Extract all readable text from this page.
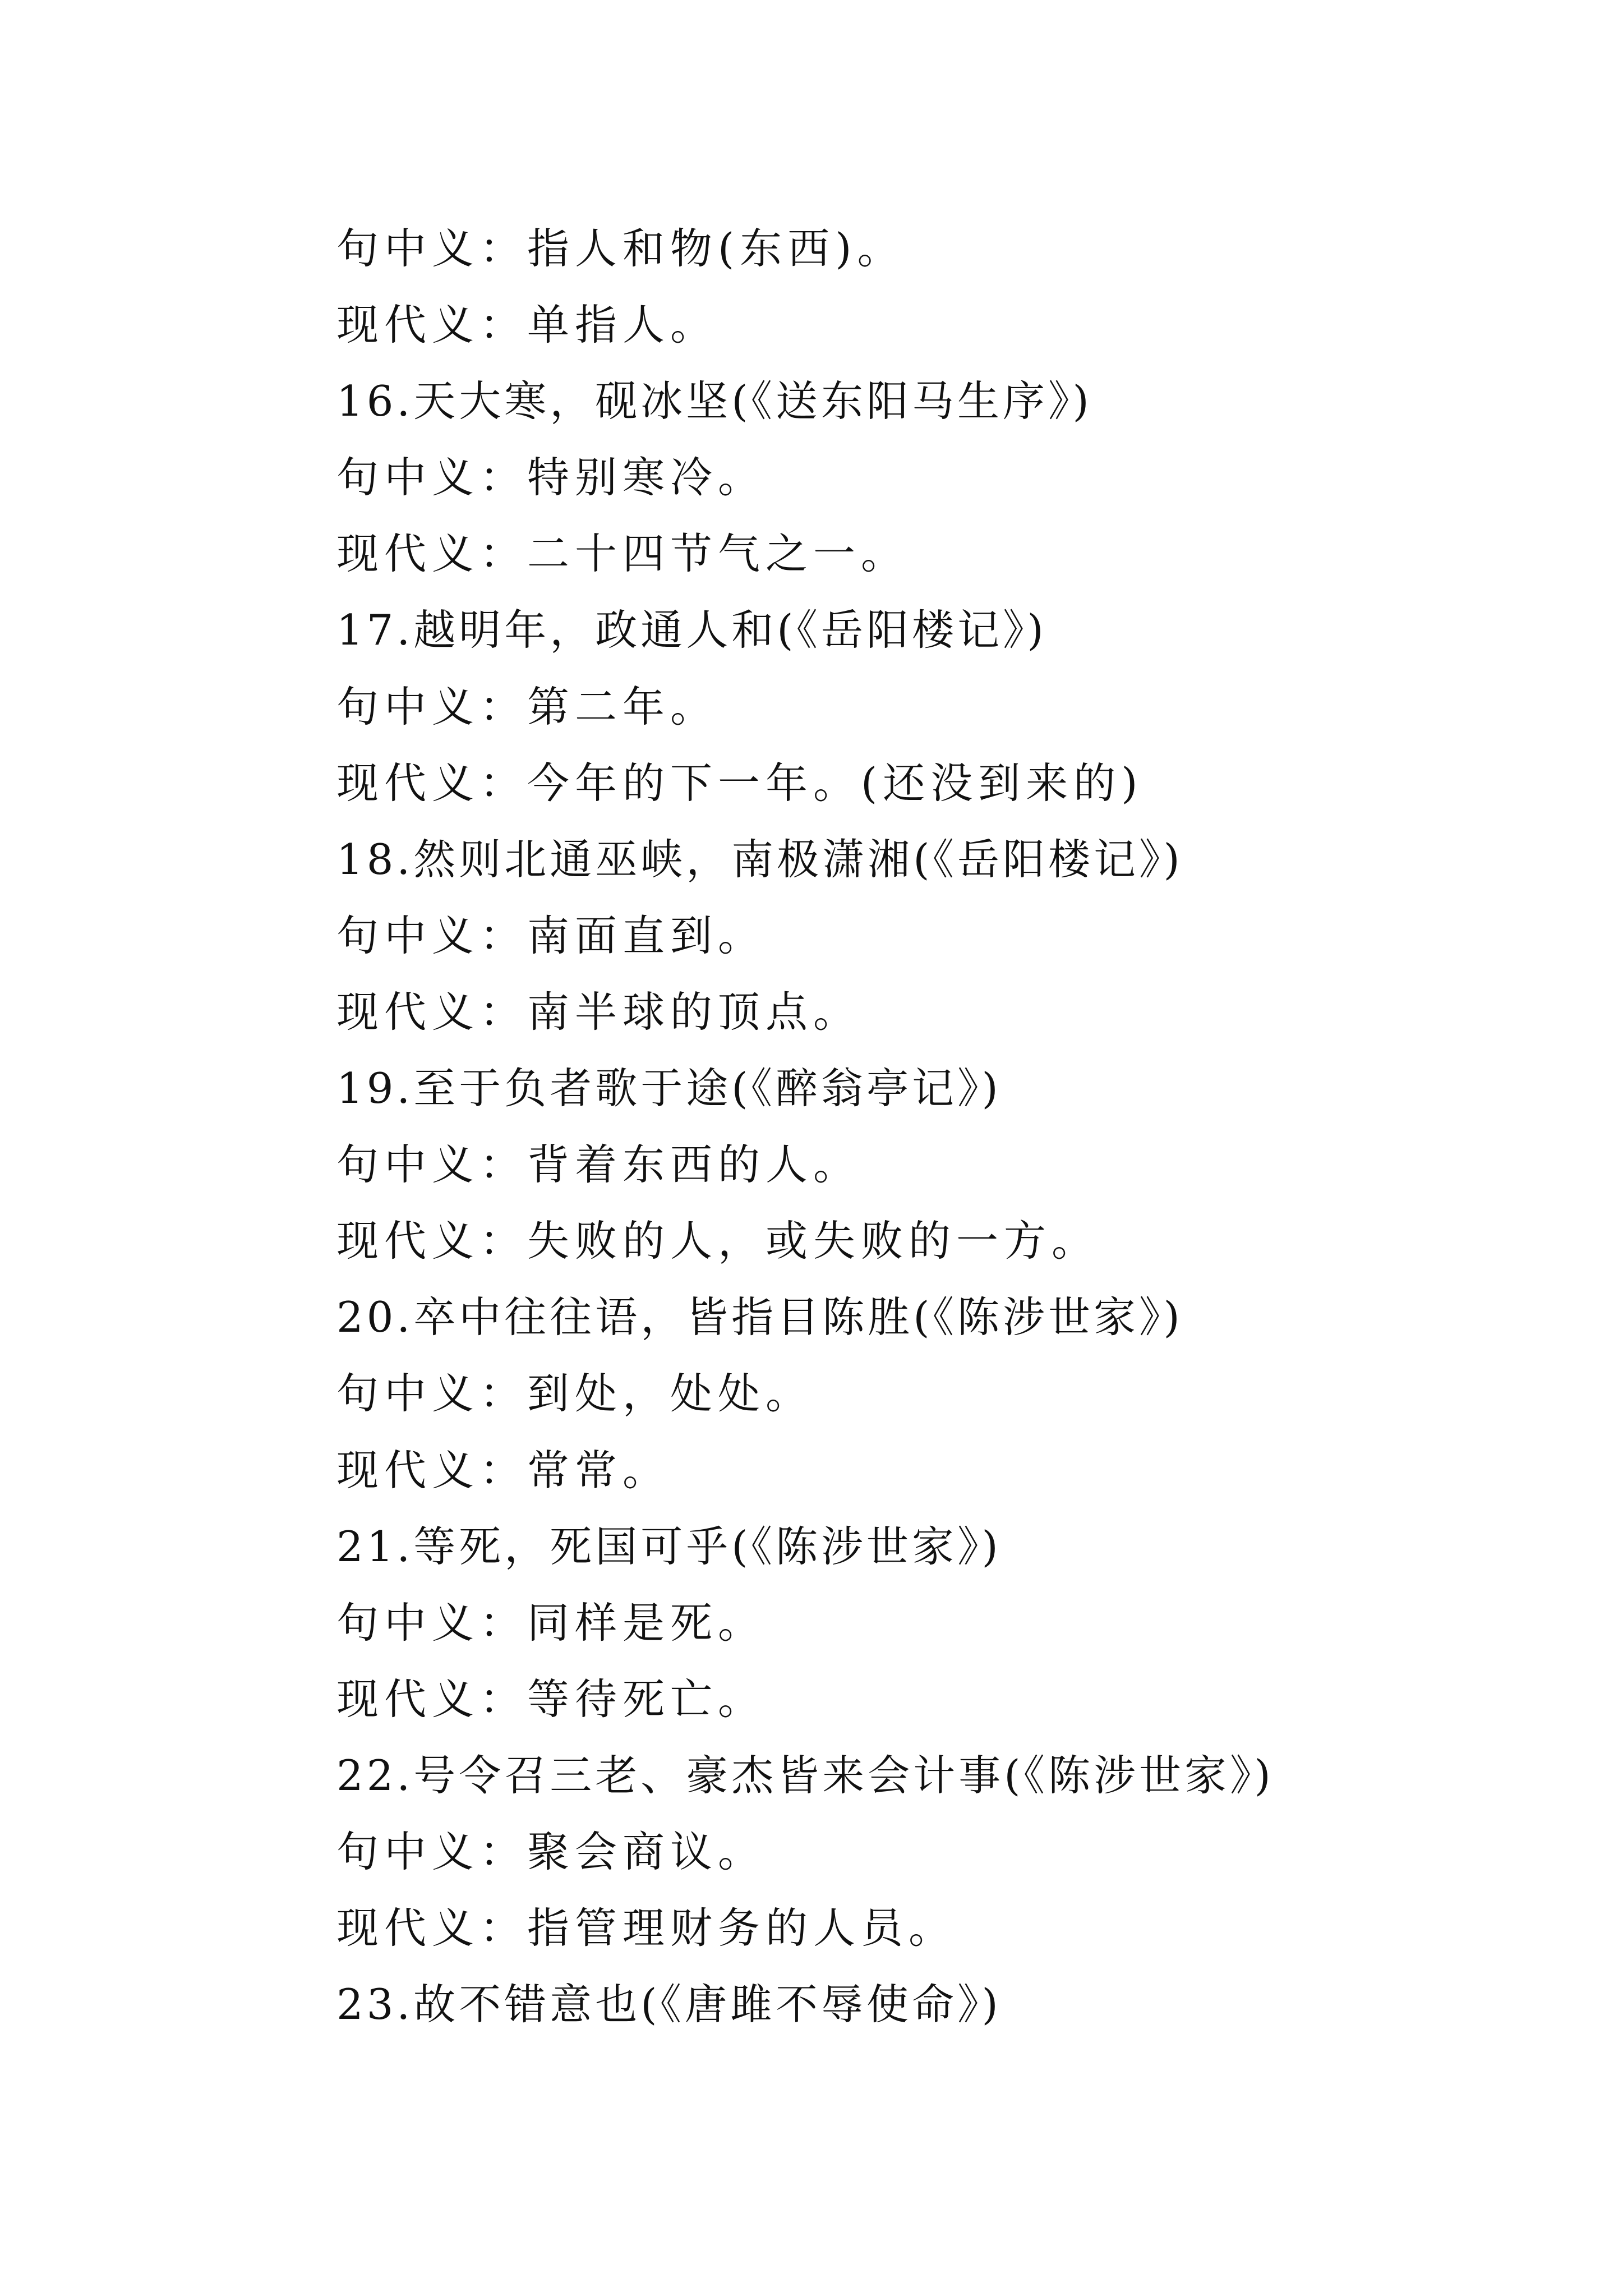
句中义：指人和物(东西)。
现代义：单指人。
16.天大寒，砚冰坚(《送东阳马生序》)
句中义：特别寒冷。
现代义：二十四节气之一。
17.越明年，政通人和(《岳阳楼记》)
句中义：第二年。
现代义：今年的下一年。(还没到来的)
18.然则北通巫峡，南极潇湘(《岳阳楼记》)
句中义：南面直到。
现代义：南半球的顶点。
19.至于负者歌于途(《醉翁亭记》)
句中义：背着东西的人。
现代义：失败的人，或失败的一方。
20.卒中往往语，皆指目陈胜(《陈涉世家》)
句中义：到处，处处。
现代义：常常。
21.等死，死国可乎(《陈涉世家》)
句中义：同样是死。
现代义：等待死亡。
22.号令召三老、豪杰皆来会计事(《陈涉世家》)
句中义：聚会商议。
现代义：指管理财务的人员。
23.故不错意也(《唐雎不辱使命》)
